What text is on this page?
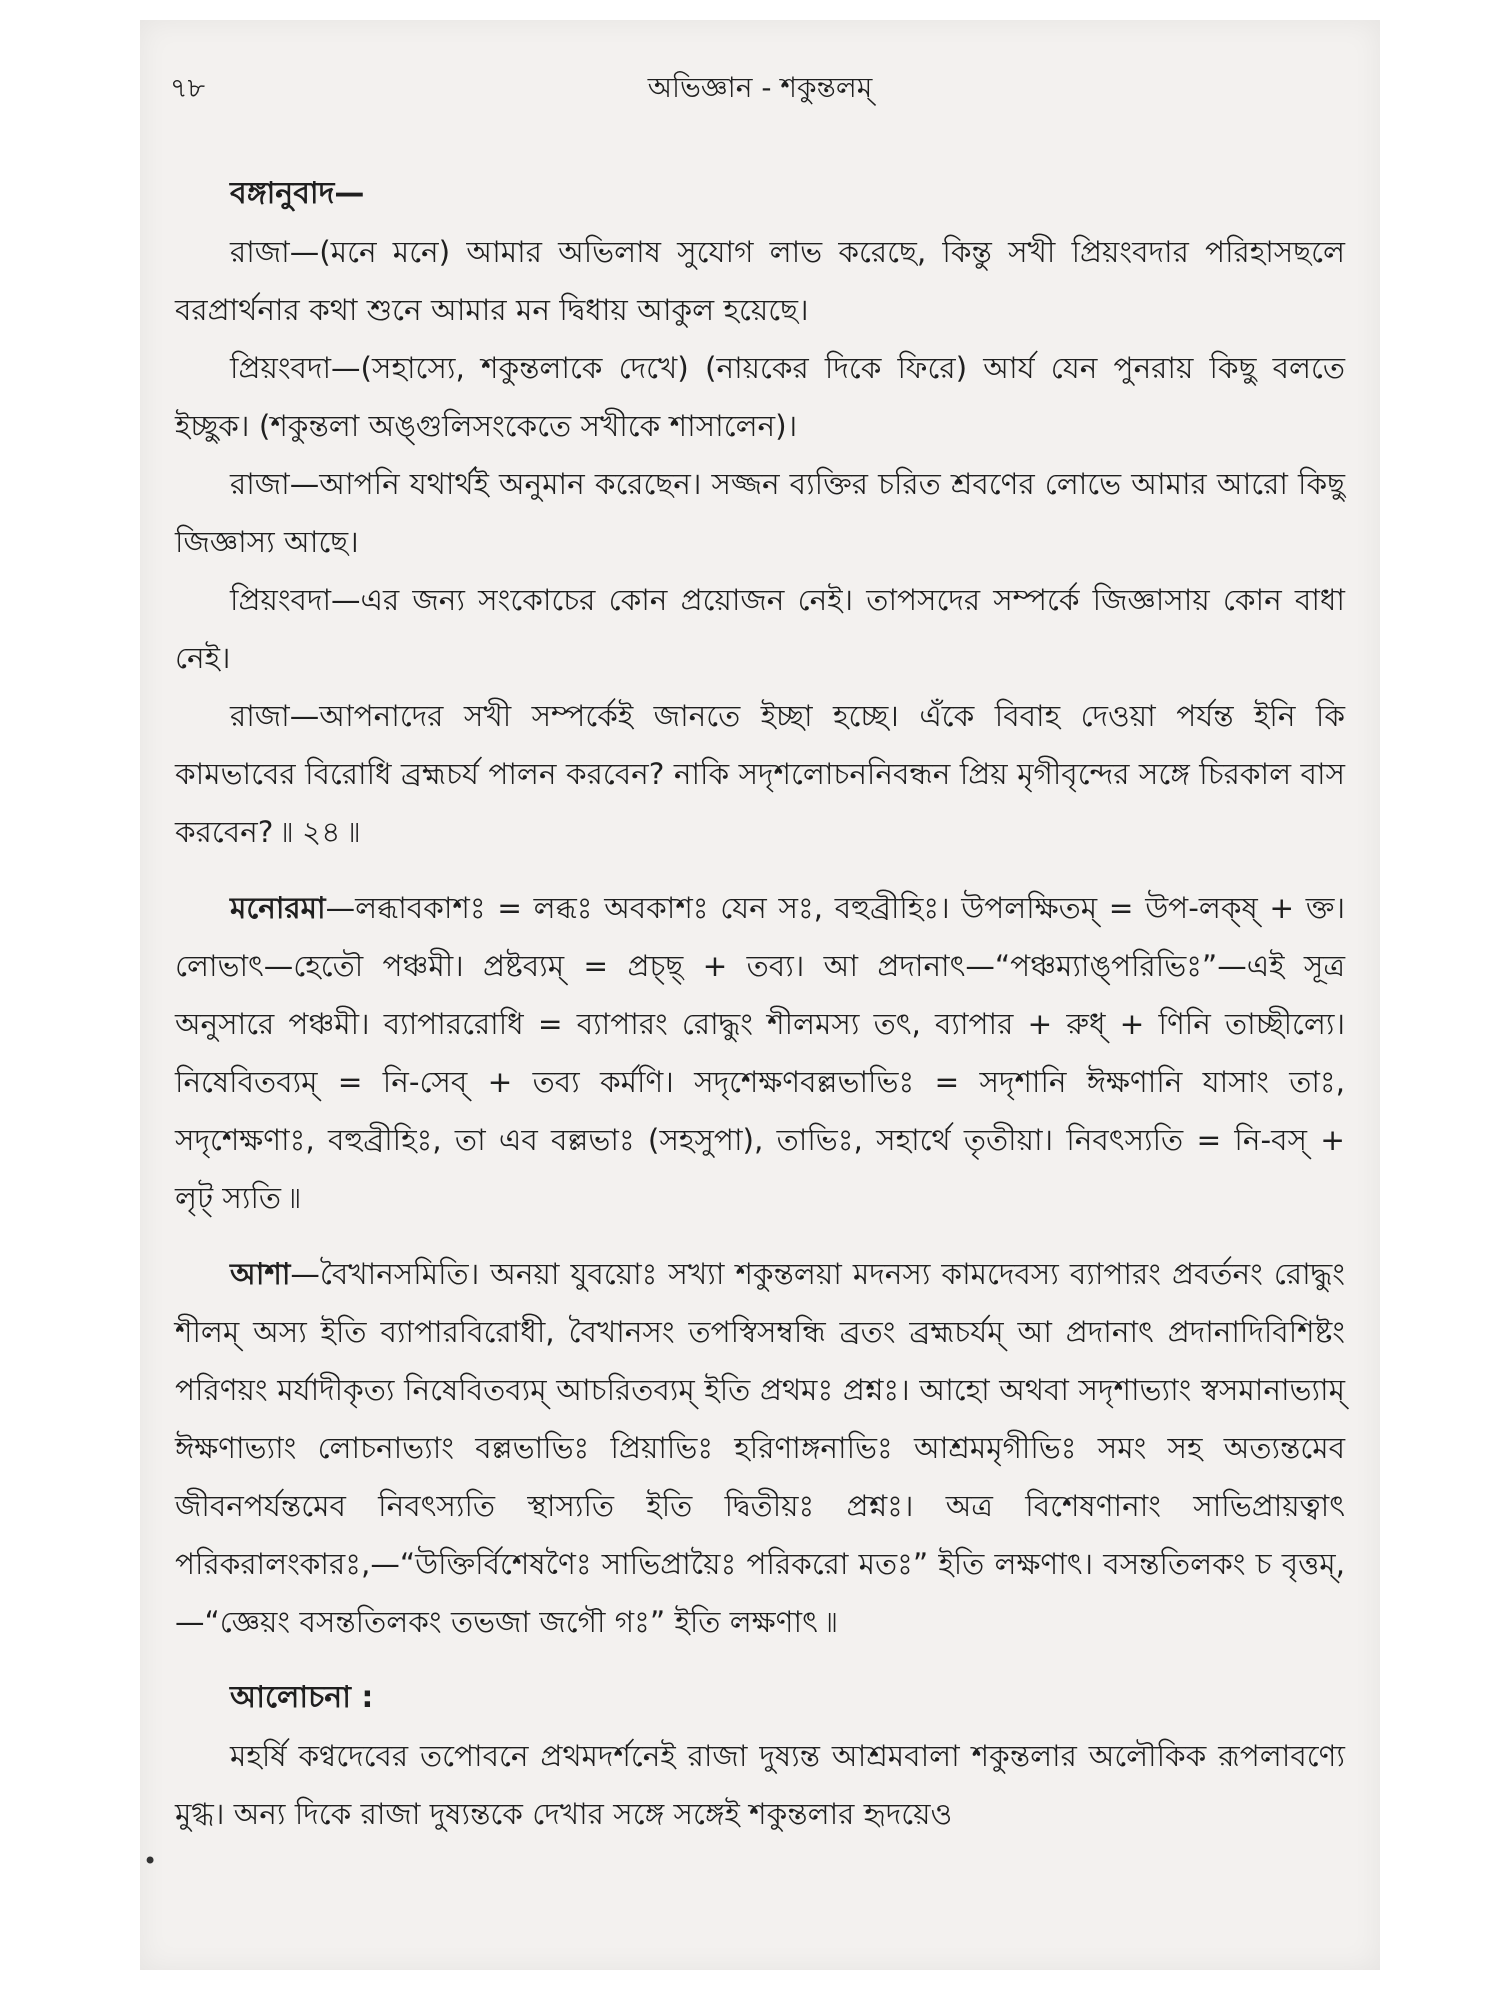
৭৮	অভিজ্ঞান - শকুন্তলম্

বঙ্গানুবাদ—

রাজা—(মনে মনে) আমার অভিলাষ সুযোগ লাভ করেছে, কিন্তু সখী প্রিয়ংবদার পরিহাসছলে বরপ্রার্থনার কথা শুনে আমার মন দ্বিধায় আকুল হয়েছে।

প্রিয়ংবদা—(সহাস্যে, শকুন্তলাকে দেখে) (নায়কের দিকে ফিরে) আর্য যেন পুনরায় কিছু বলতে ইচ্ছুক। (শকুন্তলা অঙ্গুলিসংকেতে সখীকে শাসালেন)।

রাজা—আপনি যথার্থই অনুমান করেছেন। সজ্জন ব্যক্তির চরিত শ্রবণের লোভে আমার আরো কিছু জিজ্ঞাস্য আছে।

প্রিয়ংবদা—এর জন্য সংকোচের কোন প্রয়োজন নেই। তাপসদের সম্পর্কে জিজ্ঞাসায় কোন বাধা নেই।

রাজা—আপনাদের সখী সম্পর্কেই জানতে ইচ্ছা হচ্ছে। এঁকে বিবাহ দেওয়া পর্যন্ত ইনি কি কামভাবের বিরোধি ব্রহ্মচর্য পালন করবেন? নাকি সদৃশলোচননিবন্ধন প্রিয় মৃগীবৃন্দের সঙ্গে চিরকাল বাস করবেন? ৷৷ ২৪ ৷৷

মনোরমা—লব্ধাবকাশঃ = লব্ধঃ অবকাশঃ যেন সঃ, বহুব্রীহিঃ। উপলক্ষিতম্ = উপ-লক্ষ্ + ক্ত। লোভাৎ—হেতৌ পঞ্চমী। প্রষ্টব্যম্ = প্রচ্ছ্ + তব্য। আ প্রদানাৎ—“পঞ্চম্যাঙ্‌পরিভিঃ”—এই সূত্র অনুসারে পঞ্চমী। ব্যাপাররোধি = ব্যাপারং রোদ্ধুং শীলমস্য তৎ, ব্যাপার + রুধ্ + ণিনি তাচ্ছীল্যে। নিষেবিতব্যম্ = নি-সেব্ + তব্য কর্মণি। সদৃশেক্ষণবল্লভাভিঃ = সদৃশানি ঈক্ষণানি যাসাং তাঃ, সদৃশেক্ষণাঃ, বহুব্রীহিঃ, তা এব বল্লভাঃ (সহসুপা), তাভিঃ, সহার্থে তৃতীয়া। নিবৎস্যতি = নি-বস্ + লৃট্ স্যতি ৷৷

আশা—বৈখানসমিতি। অনয়া যুবয়োঃ সখ্যা শকুন্তলয়া মদনস্য কামদেবস্য ব্যাপারং প্রবর্তনং রোদ্ধুং শীলম্ অস্য ইতি ব্যাপারবিরোধী, বৈখানসং তপস্বিসম্বন্ধি ব্রতং ব্রহ্মচর্যম্ আ প্রদানাৎ প্রদানাদিবিশিষ্টং পরিণয়ং মর্যাদীকৃত্য নিষেবিতব্যম্ আচরিতব্যম্ ইতি প্রথমঃ প্রশ্নঃ। আহো অথবা সদৃশাভ্যাং স্বসমানাভ্যাম্ ঈক্ষণাভ্যাং লোচনাভ্যাং বল্লভাভিঃ প্রিয়াভিঃ হরিণাঙ্গনাভিঃ আশ্রমমৃগীভিঃ সমং সহ অত্যন্তমেব জীবনপর্যন্তমেব নিবৎস্যতি স্থাস্যতি ইতি দ্বিতীয়ঃ প্রশ্নঃ। অত্র বিশেষণানাং সাভিপ্রায়ত্বাৎ পরিকরালংকারঃ,—“উক্তির্বিশেষণৈঃ সাভিপ্রায়ৈঃ পরিকরো মতঃ” ইতি লক্ষণাৎ। বসন্ততিলকং চ বৃত্তম্,—“জ্ঞেয়ং বসন্ততিলকং তভজা জগৌ গঃ” ইতি লক্ষণাৎ ৷৷

আলোচনা :

মহর্ষি কণ্বদেবের তপোবনে প্রথমদর্শনেই রাজা দুষ্যন্ত আশ্রমবালা শকুন্তলার অলৌকিক রূপলাবণ্যে মুগ্ধ। অন্য দিকে রাজা দুষ্যন্তকে দেখার সঙ্গে সঙ্গেই শকুন্তলার হৃদয়েও

•
